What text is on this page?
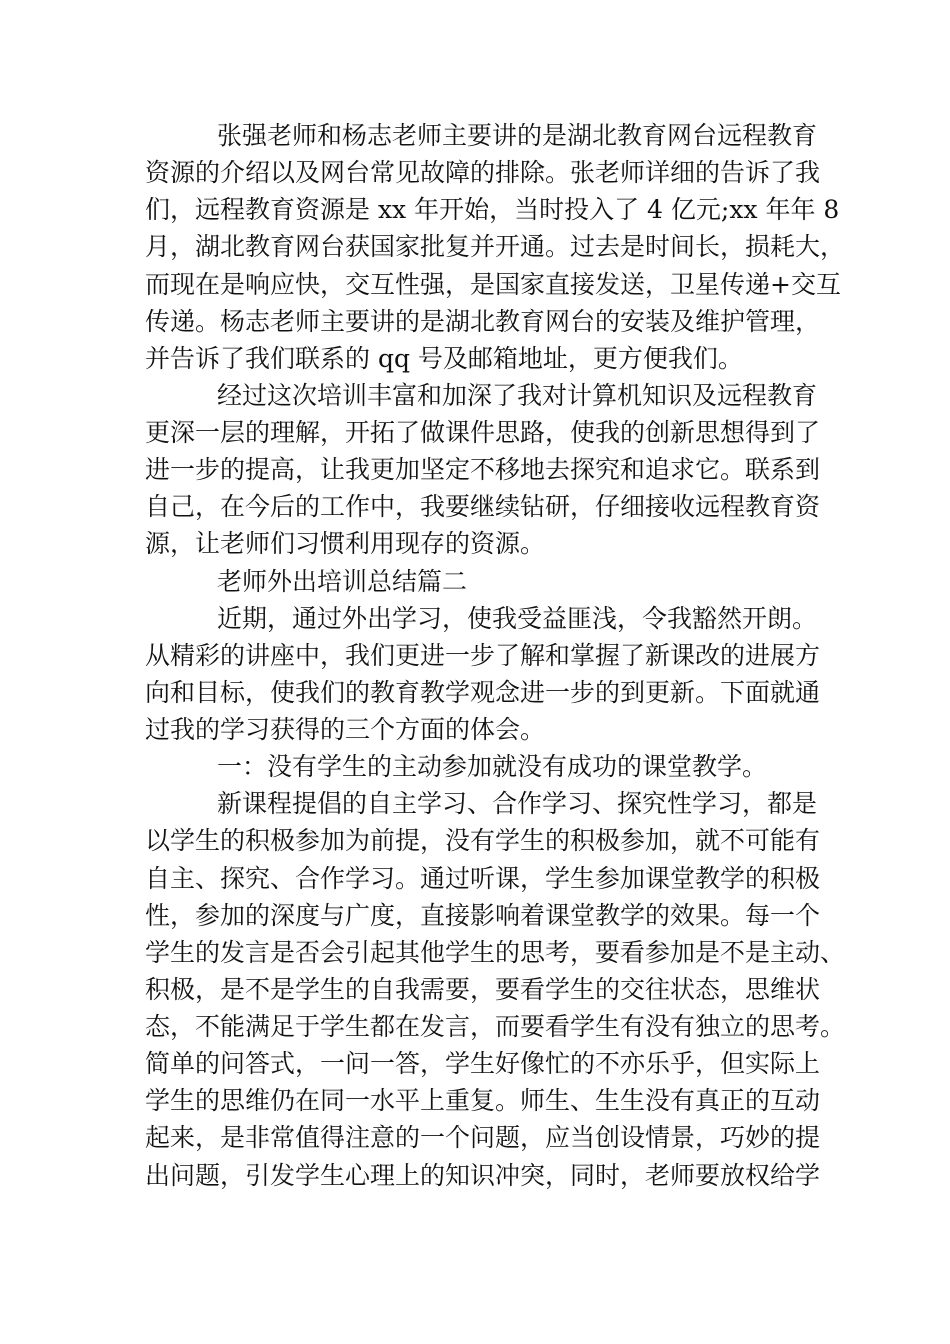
张强老师和杨志老师主要讲的是湖北教育网台远程教育
资源的介绍以及网台常见故障的排除。张老师详细的告诉了我
们，远程教育资源是 xx 年开始，当时投入了 4 亿元;xx 年年 8
月，湖北教育网台获国家批复并开通。过去是时间长，损耗大，
而现在是响应快，交互性强，是国家直接发送，卫星传递+交互
传递。杨志老师主要讲的是湖北教育网台的安装及维护管理，
并告诉了我们联系的 qq 号及邮箱地址，更方便我们。
经过这次培训丰富和加深了我对计算机知识及远程教育
更深一层的理解，开拓了做课件思路，使我的创新思想得到了
进一步的提高，让我更加坚定不移地去探究和追求它。联系到
自己，在今后的工作中，我要继续钻研，仔细接收远程教育资
源，让老师们习惯利用现存的资源。
老师外出培训总结篇二
近期，通过外出学习，使我受益匪浅，令我豁然开朗。
从精彩的讲座中，我们更进一步了解和掌握了新课改的进展方
向和目标，使我们的教育教学观念进一步的到更新。下面就通
过我的学习获得的三个方面的体会。
一：没有学生的主动参加就没有成功的课堂教学。
新课程提倡的自主学习、合作学习、探究性学习，都是
以学生的积极参加为前提，没有学生的积极参加，就不可能有
自主、探究、合作学习。通过听课，学生参加课堂教学的积极
性，参加的深度与广度，直接影响着课堂教学的效果。每一个
学生的发言是否会引起其他学生的思考，要看参加是不是主动、
积极，是不是学生的自我需要，要看学生的交往状态，思维状
态，不能满足于学生都在发言，而要看学生有没有独立的思考。
简单的问答式，一问一答，学生好像忙的不亦乐乎，但实际上
学生的思维仍在同一水平上重复。师生、生生没有真正的互动
起来，是非常值得注意的一个问题，应当创设情景，巧妙的提
出问题，引发学生心理上的知识冲突，同时，老师要放权给学
